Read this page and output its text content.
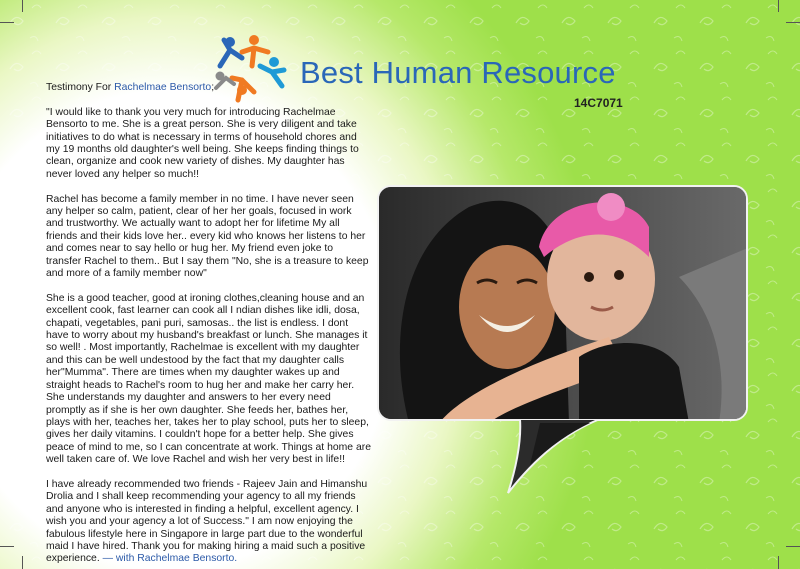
Best Human Resource
14C7071

Testimony For Rachelmae Bensorto;

"I would like to thank you very much for introducing Rachelmae Bensorto to me. She is a great person. She is very diligent and take initiatives to do what is necessary in terms of household chores and my 19 months old daughter's well being. She keeps finding things to clean, organize and cook new variety of dishes. My daughter has never loved any helper so much!!

Rachel has become a family member in no time. I have never seen any helper so calm, patient, clear of her her goals, focused in work and trustworthy. We actually want to adopt her for lifetime My all friends and their kids love her.. every kid who knows her listens to her and comes near to say hello or hug her. My friend even joke to transfer Rachel to them.. But I say them "No, she is a treasure to keep and more of a family member now"

She is a good teacher, good at ironing clothes,cleaning house and an excellent cook, fast learner can cook all I ndian dishes like idli, dosa, chapati, vegetables, pani puri, samosas.. the list is endless. I dont have to worry about my husband's breakfast or lunch. She manages it so well! . Most importantly, Rachelmae is excellent with my daughter and this can be well undestood by the fact that my daughter calls her"Mumma". There are times when my daughter wakes up and straight heads to Rachel's room to hug her and make her carry her. She understands my daughter and answers to her every need promptly as if she is her own daughter. She feeds her, bathes her, plays with her, teaches her, takes her to play school, puts her to sleep, gives her daily vitamins. I couldn't hope for a better help. She gives peace of mind to me, so I can concentrate at work. Things at home are well taken care of. We love Rachel and wish her very best in life!!

I have already recommended two friends - Rajeev Jain and Himanshu Drolia and I shall keep recommending your agency to all my friends and anyone who is interested in finding a helpful, excellent agency. I wish you and your agency a lot of Success." I am now enjoying the fabulous lifestyle here in Singapore in large part due to the wonderful maid I have hired. Thank you for making hiring a maid such a positive experience. — with Rachelmae Bensorto.
